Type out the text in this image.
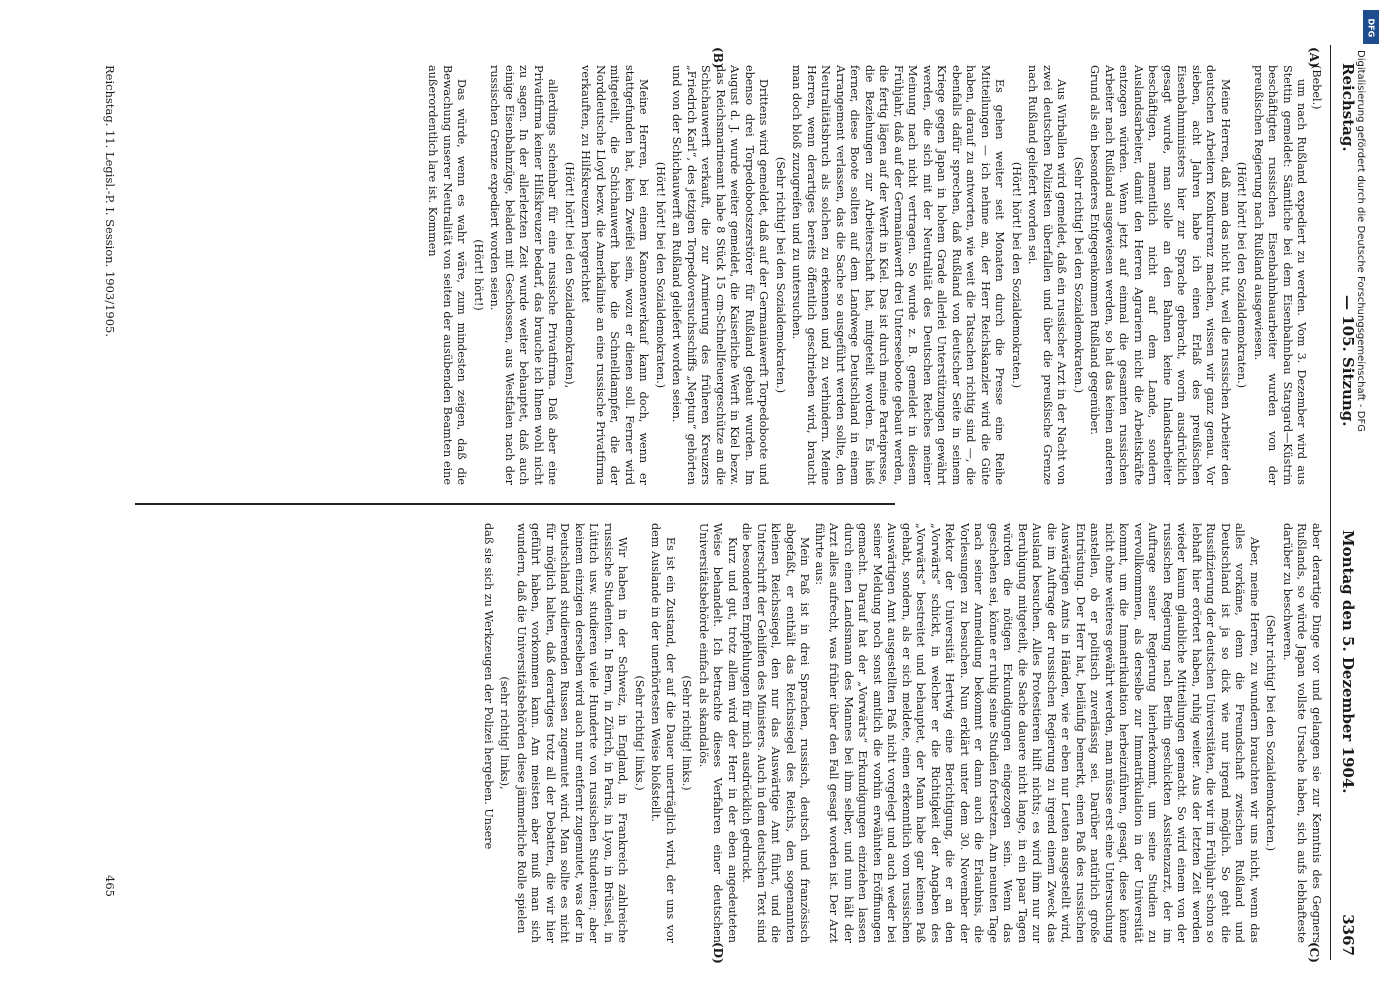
Reichstag.
— 105. Sitzung.
Montag den 5. Dezember 1904.
3367
(A)
(B)
(C)
(D)

(Bebel.)

um nach Rußland expediert zu werden. Vom 3. Dezember wird aus Stettin gemeldet: Sämtliche bei dem Eisenbahnbau Stargard—Küstrin beschäftigten russischen Eisenbahnbauarbeiter wurden von der preußischen Regierung nach Rußland ausgewiesen.

(Hört! hört! bei den Sozialdemokraten.)

Meine Herren, daß man das nicht tut, weil die russischen Arbeiter den deutschen Arbeitern Konkurrenz machen, wissen wir ganz genau. Vor sieben, acht Jahren habe ich einen Erlaß des preußischen Eisenbahnministers hier zur Sprache gebracht, worin ausdrücklich gesagt wurde, man solle an den Bahnen keine Inlandsarbeiter beschäftigen, namentlich nicht auf dem Lande, sondern Auslandsarbeiter, damit den Herren Agrariern nicht die Arbeitskräfte entzogen würden. Wenn jetzt auf einmal die gesamten russischen Arbeiter nach Rußland ausgewiesen werden, so hat das keinen anderen Grund als ein besonderes Entgegenkommen Rußland gegenüber.

(Sehr richtig! bei den Sozialdemokraten.)

Aus Wirballen wird gemeldet, daß ein russischer Arzt in der Nacht von zwei deutschen Polizisten überfallen und über die preußische Grenze nach Rußland geliefert worden sei.

(Hört! hört! bei den Sozialdemokraten.)

Es gehen weiter seit Monaten durch die Presse eine Reihe Mitteilungen — ich nehme an, der Herr Reichskanzler wird die Güte haben, darauf zu antworten, wie weit die Tatsachen richtig sind —, die ebenfalls dafür sprechen, daß Rußland von deutscher Seite in seinem Kriege gegen Japan in hohem Grade allerlei Unterstützungen gewährt werden, die sich mit der Neutralität des Deutschen Reiches meiner Meinung nach nicht vertragen. So wurde z. B. gemeldet in diesem Frühjahr, daß auf der Germaniawerft drei Unterseeboote gebaut werden, die fertig lägen auf der Werft in Kiel. Das ist durch meine Parteipresse, die Beziehungen zur Arbeiterschaft hat, mitgeteilt worden. Es hieß ferner, diese Boote sollten auf dem Landwege Deutschland in einem Arrangement verlassen, das die Sache so ausgeführt werden sollte, den Neutralitätsbruch als solchen zu erkennen und zu verhindern. Meine Herren, wenn derartiges bereits öffentlich geschrieben wird, braucht man doch bloß zuzugreifen und zu untersuchen.

(Sehr richtig! bei den Sozialdemokraten.)

Drittens wird gemeldet, daß auf der Germaniawerft Torpedoboote und ebenso drei Torpedobootszerstörer für Rußland gebaut wurden. Im August d. J. wurde weiter gemeldet, die Kaiserliche Werft in Kiel bezw. das Reichsmarineamt habe 8 Stück 15 cm-Schnellfeuergeschütze an die Schichauwerft verkauft, die zur Armierung des früheren Kreuzers „Friedrich Karl“, des jetzigen Torpedoversuchsschiffs „Neptun“ gehörten und von der Schichauwerft an Rußland geliefert worden seien.

(Hört! hört! bei den Sozialdemokraten.)

Meine Herren, bei einem Kanonenverkauf kann doch, wenn er stattgefunden hat, kein Zweifel sein, wozu er dienen soll. Ferner wird mitgeteilt, die Schichauwerft habe die Schnelldampfer, die der Norddeutsche Lloyd bezw. die Amerikalinie an eine russische Privatfirma verkauften, zu Hilfskreuzern hergerichtet

(Hört! hört! bei den Sozialdemokraten),

allerdings scheinbar für eine russische Privatfirma. Daß aber eine Privatfirma keiner Hilfskreuzer bedarf, das brauche ich Ihnen wohl nicht zu sagen. In der allerletzten Zeit wurde weiter behauptet, daß auch einige Eisenbahnzüge, beladen mit Geschossen, aus Westfalen nach der russischen Grenze expediert worden seien.

(Hört! hört!)

Das würde, wenn es wahr wäre, zum mindesten zeigen, daß die Bewachung unserer Neutralität von seiten der ausübenden Beamten eine außerordentlich lare ist. Kommen

aber derartige Dinge vor und gelangen sie zur Kenntnis des Gegners Rußlands, so würde Japan vollste Ursache haben, sich aufs lebhafteste darüber zu beschweren.

(Sehr richtig! bei den Sozialdemokraten.)

Aber, meine Herren, zu wundern brauchten wir uns nicht, wenn das alles vorkäme, denn die Freundschaft zwischen Rußland und Deutschland ist ja so dick wie nur irgend möglich. So geht die Russifizierung der deutschen Universitäten, die wir im Frühjahr schon so lebhaft hier erörtert haben, ruhig weiter. Aus der letzten Zeit werden wieder kaum glaubliche Mitteilungen gemacht. So wird einem von der russischen Regierung nach Berlin geschickten Assistenzarzt, der im Auftrage seiner Regierung hierherkommt, um seine Studien zu vervollkommnen, als derselbe zur Immatrikulation in der Universität kommt, um die Immatrikulation herbeizuführen, gesagt, diese könne nicht ohne weiteres gewährt werden, man müsse erst eine Untersuchung anstellen, ob er politisch zuverlässig sei. Darüber natürlich große Entrüstung. Der Herr hat, beiläufig bemerkt, einen Paß des russischen Auswärtigen Amts in Händen, wie er eben nur Leuten ausgestellt wird, die im Auftrage der russischen Regierung zu irgend einem Zweck das Ausland besuchen. Alles Protestieren hilft nichts; es wird ihm nur zur Beruhigung mitgeteilt, die Sache dauere nicht lange, in ein paar Tagen würden die nötigen Erkundigungen eingezogen sein. Wenn das geschehen sei, könne er ruhig seine Studien fortsetzen. Am neunten Tage nach seiner Anmeldung bekommt er dann auch die Erlaubnis, die Vorlesungen zu besuchen. Nun erklärt unter dem 30. November der Rektor der Universität Hertwig eine Berichtigung, die er an den „Vorwärts“ schickt, in welcher er die Richtigkeit der Angaben des „Vorwärts“ bestreitet und behauptet, der Mann habe gar keinen Paß gehabt, sondern, als er sich meldete, einen erkenntlich vom russischen Auswärtigen Amt ausgestellten Paß nicht vorgelegt und auch weder bei seiner Meldung noch sonst amtlich die vorhin erwähnten Eröffnungen gemacht. Darauf hat der „Vorwärts“ Erkundigungen einziehen lassen durch einen Landsmann des Mannes bei ihm selber, und nun hält der Arzt alles aufrecht, was früher über den Fall gesagt worden ist. Der Arzt führte aus:

Mein Paß ist in drei Sprachen, russisch, deutsch und französisch abgefaßt, er enthält das Reichssiegel des Reichs, den sogenannten kleinen Reichssiegel, den nur das Auswärtige Amt führt, und die Unterschrift der Gehilfen des Ministers. Auch in dem deutschen Text sind die besonderen Empfehlungen für mich ausdrücklich gedruckt.

Kurz und gut, trotz allem wird der Herr in der eben angedeuteten Weise behandelt. Ich betrachte dieses Verfahren einer deutschen Universitätsbehörde einfach als skandalös.

(Sehr richtig! links.)

Es ist ein Zustand, der auf die Dauer unerträglich wird, der uns vor dem Auslande in der unerhörtesten Weise bloßstellt.

(Sehr richtig! links.)

Wir haben in der Schweiz, in England, in Frankreich zahlreiche russische Studenten. In Bern, in Zürich, in Paris, in Lyon, in Brüssel, in Lüttich usw. studieren viele Hunderte von russischen Studenten; aber keinem einzigen derselben wird auch nur entfernt zugemutet, was der in Deutschland studierenden Russen zugemutet wird. Man sollte es nicht für möglich halten, daß derartiges trotz all der Debatten, die wir hier geführt haben, vorkommen kann. Am meisten aber muß man sich wundern, daß die Universitätsbehörden diese jämmerliche Rolle spielen

(sehr richtig! links),

daß sie sich zu Werkzeugen der Polizei hergeben. Unsere

Reichstag. 11. Legisl.-P. I. Session. 1903/1905.
465
DFG
Digitalisierung gefördert durch die Deutsche Forschungsgemeinschaft - DFG
